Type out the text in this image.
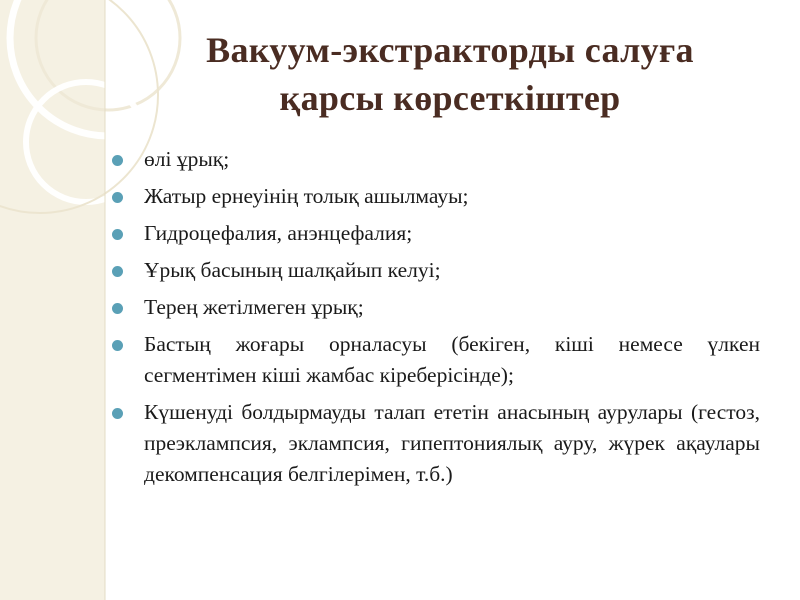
Вакуум-экстракторды салуға
қарсы көрсеткіштер
өлі ұрық;
Жатыр ернеуінің толық ашылмауы;
Гидроцефалия, анэнцефалия;
Ұрық басының шалқайып келуі;
Терең жетілмеген ұрық;
Бастың жоғары орналасуы (бекіген, кіші немесе үлкен сегментімен кіші жамбас кіреберісінде);
Күшенуді болдырмауды талап ететін анасының аурулары (гестоз, преэклампсия, эклампсия, гипептониялық ауру, жүрек ақаулары декомпенсация белгілерімен, т.б.)
